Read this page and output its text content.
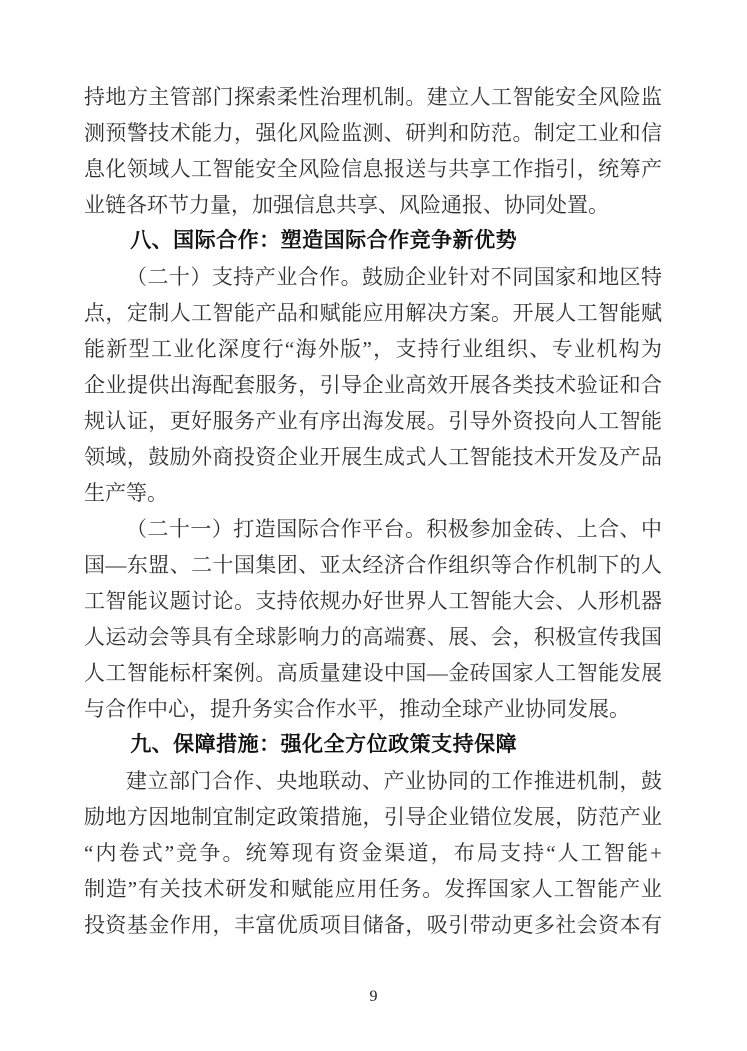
持地方主管部门探索柔性治理机制。建立人工智能安全风险监
测预警技术能力，强化风险监测、研判和防范。制定工业和信
息化领域人工智能安全风险信息报送与共享工作指引，统筹产
业链各环节力量，加强信息共享、风险通报、协同处置。
八、国际合作：塑造国际合作竞争新优势
（二十）支持产业合作。鼓励企业针对不同国家和地区特
点，定制人工智能产品和赋能应用解决方案。开展人工智能赋
能新型工业化深度行“海外版”，支持行业组织、专业机构为
企业提供出海配套服务，引导企业高效开展各类技术验证和合
规认证，更好服务产业有序出海发展。引导外资投向人工智能
领域，鼓励外商投资企业开展生成式人工智能技术开发及产品
生产等。
（二十一）打造国际合作平台。积极参加金砖、上合、中
国—东盟、二十国集团、亚太经济合作组织等合作机制下的人
工智能议题讨论。支持依规办好世界人工智能大会、人形机器
人运动会等具有全球影响力的高端赛、展、会，积极宣传我国
人工智能标杆案例。高质量建设中国—金砖国家人工智能发展
与合作中心，提升务实合作水平，推动全球产业协同发展。
九、保障措施：强化全方位政策支持保障
建立部门合作、央地联动、产业协同的工作推进机制，鼓
励地方因地制宜制定政策措施，引导企业错位发展，防范产业
“内卷式”竞争。统筹现有资金渠道，布局支持“人工智能+
制造”有关技术研发和赋能应用任务。发挥国家人工智能产业
投资基金作用，丰富优质项目储备，吸引带动更多社会资本有
9
